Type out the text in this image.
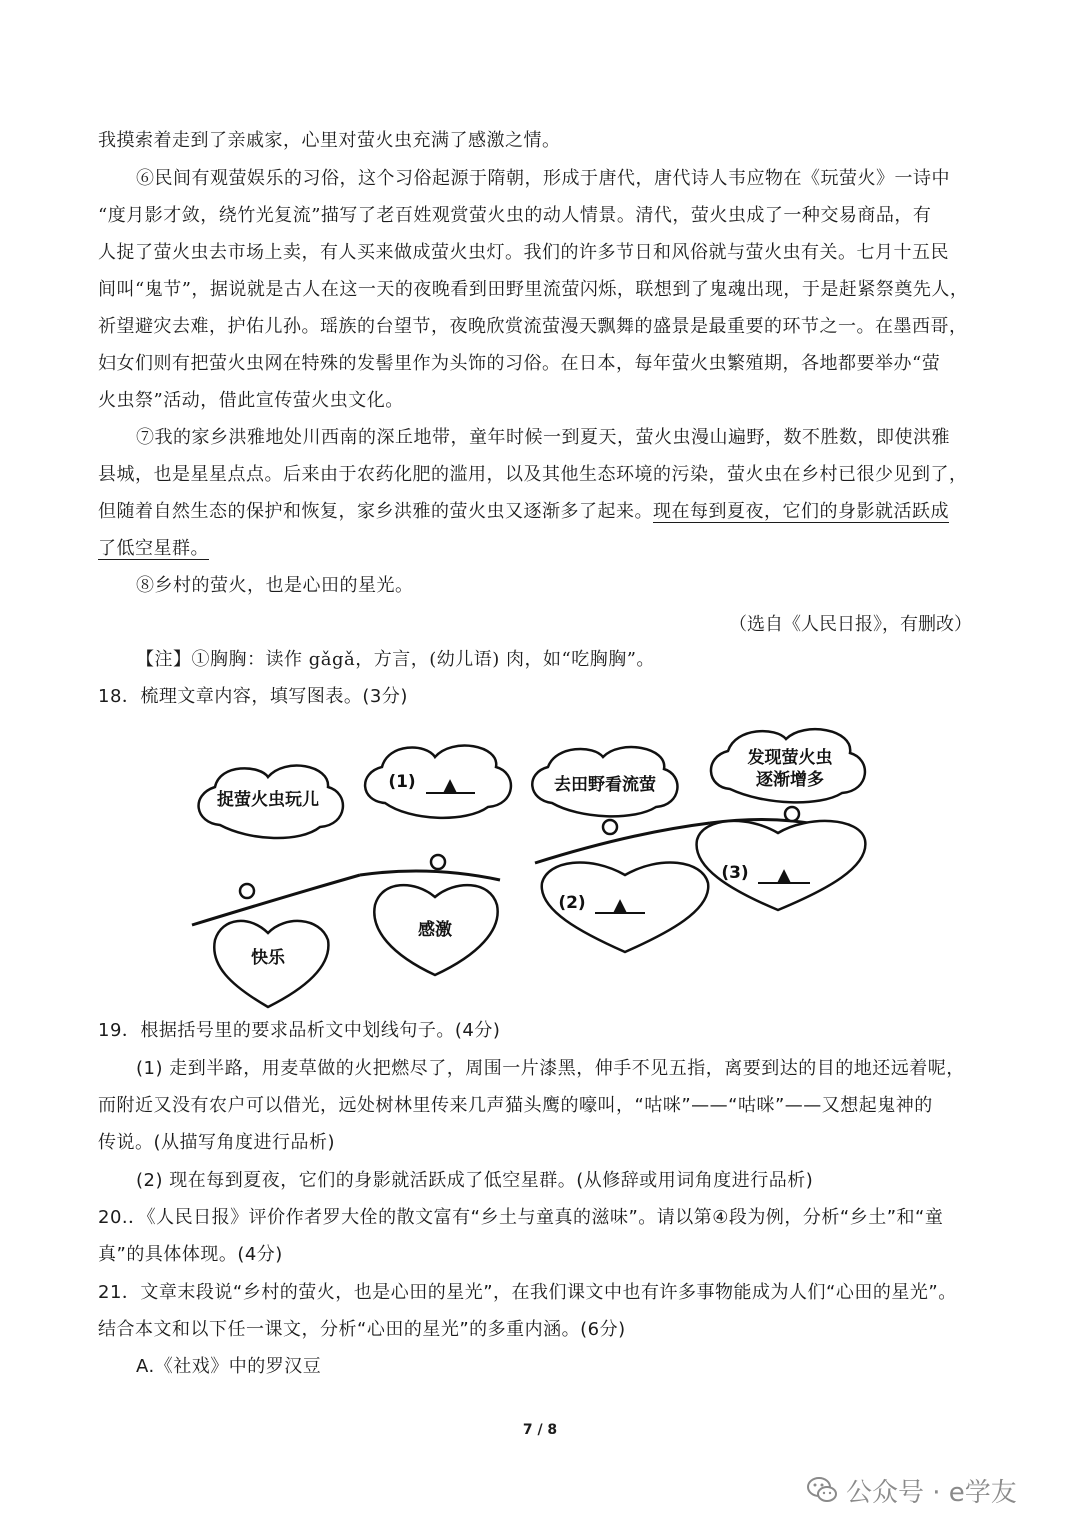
我摸索着走到了亲戚家，心里对萤火虫充满了感激之情。
⑥民间有观萤娱乐的习俗，这个习俗起源于隋朝，形成于唐代，唐代诗人韦应物在《玩萤火》一诗中
“度月影才敛，绕竹光复流”描写了老百姓观赏萤火虫的动人情景。清代，萤火虫成了一种交易商品，有
人捉了萤火虫去市场上卖，有人买来做成萤火虫灯。我们的许多节日和风俗就与萤火虫有关。七月十五民
间叫“鬼节”，据说就是古人在这一天的夜晚看到田野里流萤闪烁，联想到了鬼魂出现，于是赶紧祭奠先人，
祈望避灾去难，护佑儿孙。瑶族的台望节，夜晚欣赏流萤漫天飘舞的盛景是最重要的环节之一。在墨西哥，
妇女们则有把萤火虫网在特殊的发髻里作为头饰的习俗。在日本，每年萤火虫繁殖期，各地都要举办“萤
火虫祭”活动，借此宣传萤火虫文化。
⑦我的家乡洪雅地处川西南的深丘地带，童年时候一到夏天，萤火虫漫山遍野，数不胜数，即使洪雅
县城，也是星星点点。后来由于农药化肥的滥用，以及其他生态环境的污染，萤火虫在乡村已很少见到了，
但随着自然生态的保护和恢复，家乡洪雅的萤火虫又逐渐多了起来。现在每到夏夜，它们的身影就活跃成
了低空星群。
⑧乡村的萤火，也是心田的星光。
（选自《人民日报》，有删改）
【注】①胸胸：读作 gǎgǎ，方言，(幼儿语) 肉，如“吃胸胸”。
18．梳理文章内容，填写图表。(3分)
捉萤火虫玩儿
(1) ▲	去田野看流萤
发现萤火虫
逐渐增多
快乐
感激
(2) ▲
(3) ▲
19．根据括号里的要求品析文中划线句子。(4分)
(1) 走到半路，用麦草做的火把燃尽了，周围一片漆黑，伸手不见五指，离要到达的目的地还远着呢，
而附近又没有农户可以借光，远处树林里传来几声猫头鹰的嚎叫，“咕咪”——“咕咪”——又想起鬼神的
传说。(从描写角度进行品析)
(2) 现在每到夏夜，它们的身影就活跃成了低空星群。(从修辞或用词角度进行品析)
20.．《人民日报》评价作者罗大佺的散文富有“乡土与童真的滋味”。请以第④段为例，分析“乡土”和“童
真”的具体体现。(4分)
21．文章末段说“乡村的萤火，也是心田的星光”，在我们课文中也有许多事物能成为人们“心田的星光”。
结合本文和以下任一课文，分析“心田的星光”的多重内涵。(6分)
A.《社戏》中的罗汉豆
7 / 8
公众号 · e学友
